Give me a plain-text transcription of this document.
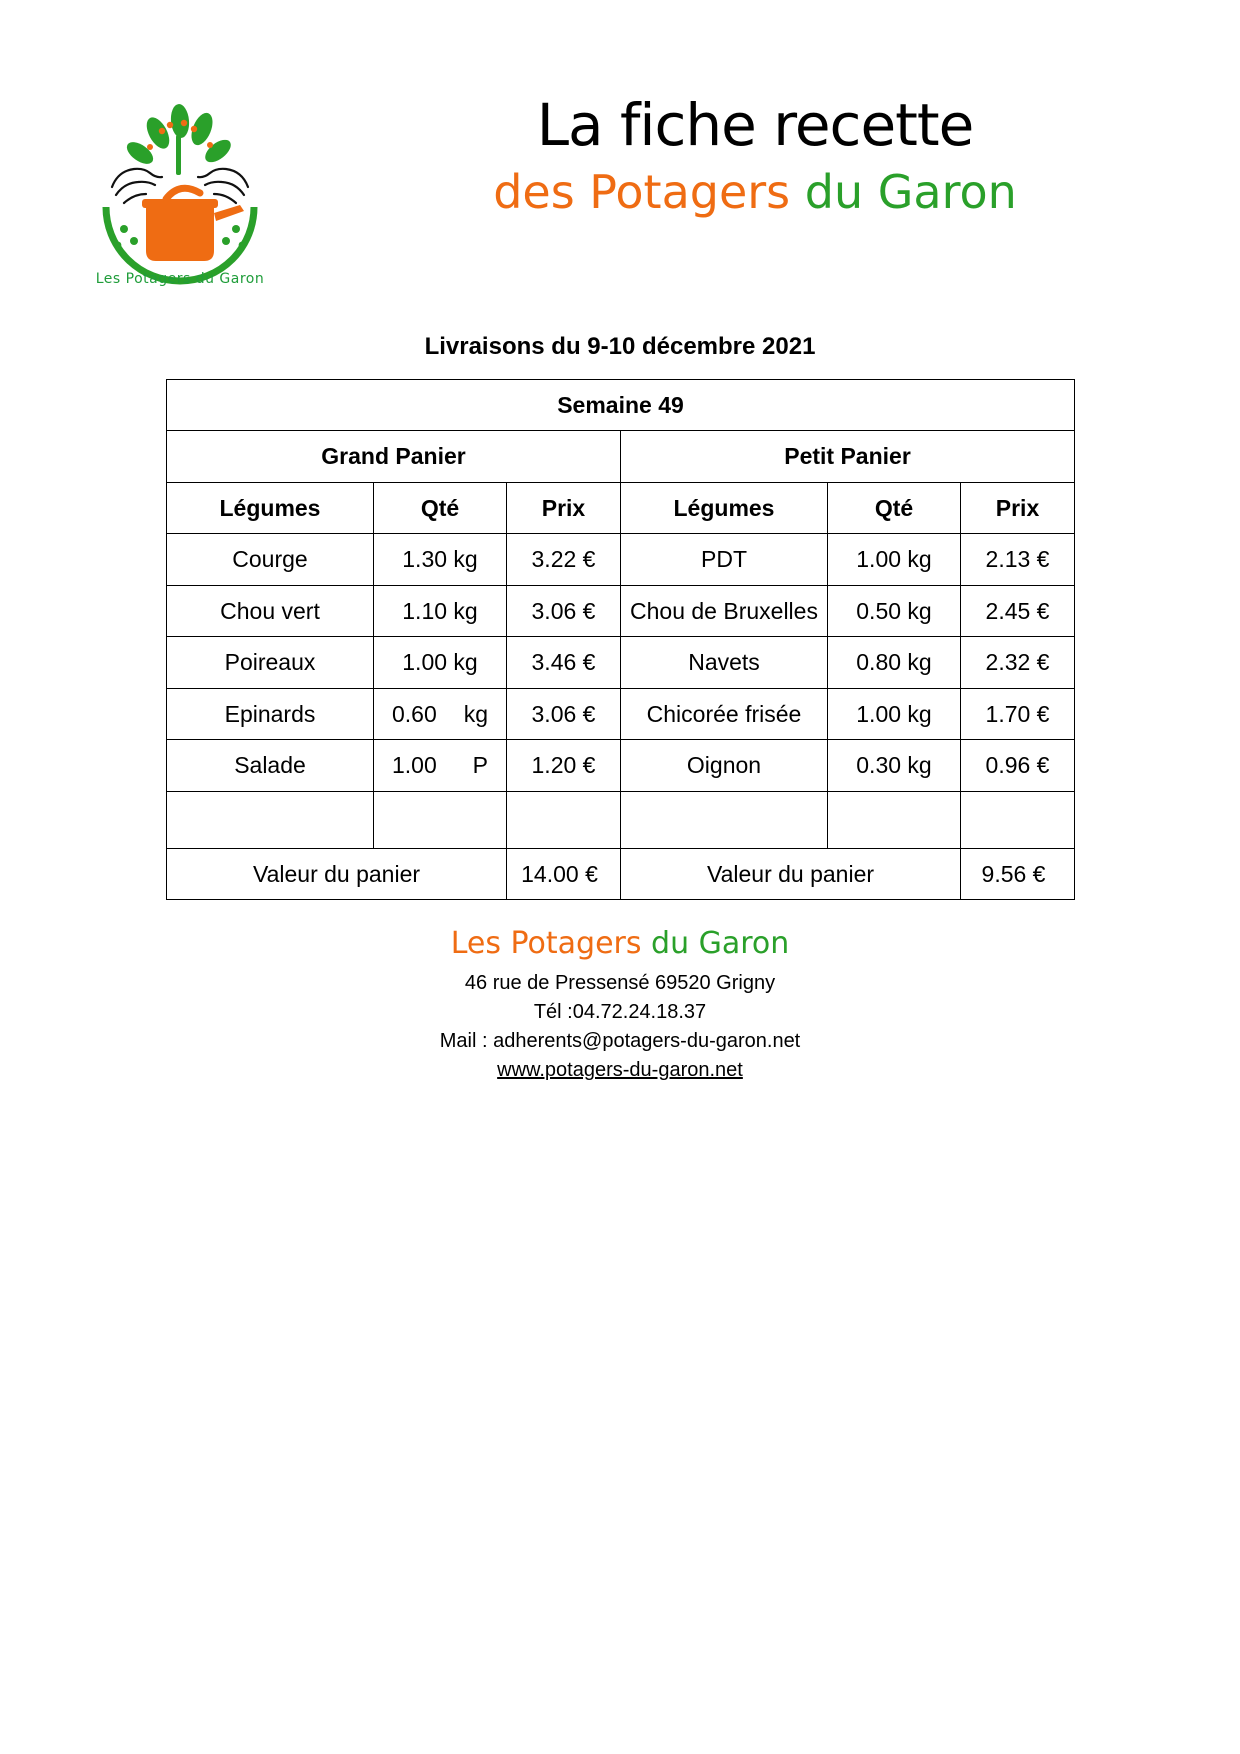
Les Potagers du Garon
La fiche recette
des Potagers du Garon
Livraisons du 9-10 décembre 2021
Semaine 49					
Grand Panier			Petit Panier		
Légumes	Qté	Prix	Légumes	Qté	Prix
Courge	1.30 kg	3.22 €	PDT	1.00 kg	2.13 €
Chou vert	1.10 kg	3.06 €	Chou de Bruxelles	0.50 kg	2.45 €
Poireaux	1.00 kg	3.46 €	Navets	0.80 kg	2.32 €
Epinards	0.60 kg	3.06 €	Chicorée frisée	1.00 kg	1.70 €
Salade	1.00 P	1.20 €	Oignon	0.30 kg	0.96 €

Valeur du panier		14.00 €	Valeur du panier		9.56 €
Les Potagers du Garon
46 rue de Pressensé 69520 Grigny
Tél :04.72.24.18.37
Mail : adherents@potagers-du-garon.net
www.potagers-du-garon.net
